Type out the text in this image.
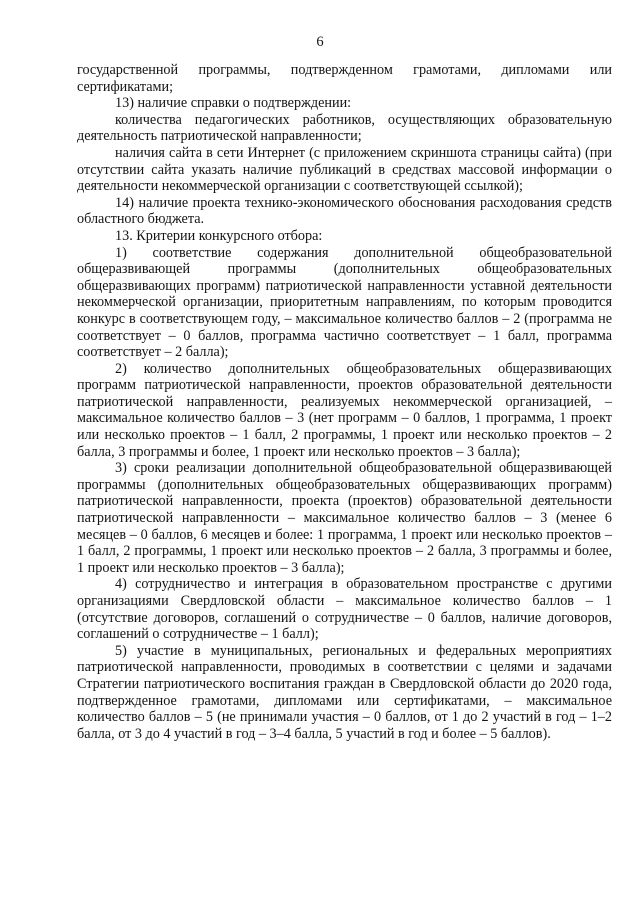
6

государственной программы, подтвержденном грамотами, дипломами или сертификатами;

13) наличие справки о подтверждении:

количества педагогических работников, осуществляющих образовательную деятельность патриотической направленности;

наличия сайта в сети Интернет (с приложением скриншота страницы сайта) (при отсутствии сайта указать наличие публикаций в средствах массовой информации о деятельности некоммерческой организации с соответствующей ссылкой);

14) наличие проекта технико-экономического обоснования расходования средств областного бюджета.

13. Критерии конкурсного отбора:

1) соответствие содержания дополнительной общеобразовательной общеразвивающей программы (дополнительных общеобразовательных общеразвивающих программ) патриотической направленности уставной деятельности некоммерческой организации, приоритетным направлениям, по которым проводится конкурс в соответствующем году, – максимальное количество баллов – 2 (программа не соответствует – 0 баллов, программа частично соответствует – 1 балл, программа соответствует – 2 балла);

2) количество дополнительных общеобразовательных общеразвивающих программ патриотической направленности, проектов образовательной деятельности патриотической направленности, реализуемых некоммерческой организацией, – максимальное количество баллов – 3 (нет программ – 0 баллов, 1 программа, 1 проект или несколько проектов – 1 балл, 2 программы, 1 проект или несколько проектов – 2 балла, 3 программы и более, 1 проект или несколько проектов – 3 балла);

3) сроки реализации дополнительной общеобразовательной общеразвивающей программы (дополнительных общеобразовательных общеразвивающих программ) патриотической направленности, проекта (проектов) образовательной деятельности патриотической направленности – максимальное количество баллов – 3 (менее 6 месяцев – 0 баллов, 6 месяцев и более: 1 программа, 1 проект или несколько проектов – 1 балл, 2 программы, 1 проект или несколько проектов – 2 балла, 3 программы и более, 1 проект или несколько проектов – 3 балла);

4) сотрудничество и интеграция в образовательном пространстве с другими организациями Свердловской области – максимальное количество баллов – 1 (отсутствие договоров, соглашений о сотрудничестве – 0 баллов, наличие договоров, соглашений о сотрудничестве – 1 балл);

5) участие в муниципальных, региональных и федеральных мероприятиях патриотической направленности, проводимых в соответствии с целями и задачами Стратегии патриотического воспитания граждан в Свердловской области до 2020 года, подтвержденное грамотами, дипломами или сертификатами, – максимальное количество баллов – 5 (не принимали участия – 0 баллов, от 1 до 2 участий в год – 1–2 балла, от 3 до 4 участий в год – 3–4 балла, 5 участий в год и более – 5 баллов).
